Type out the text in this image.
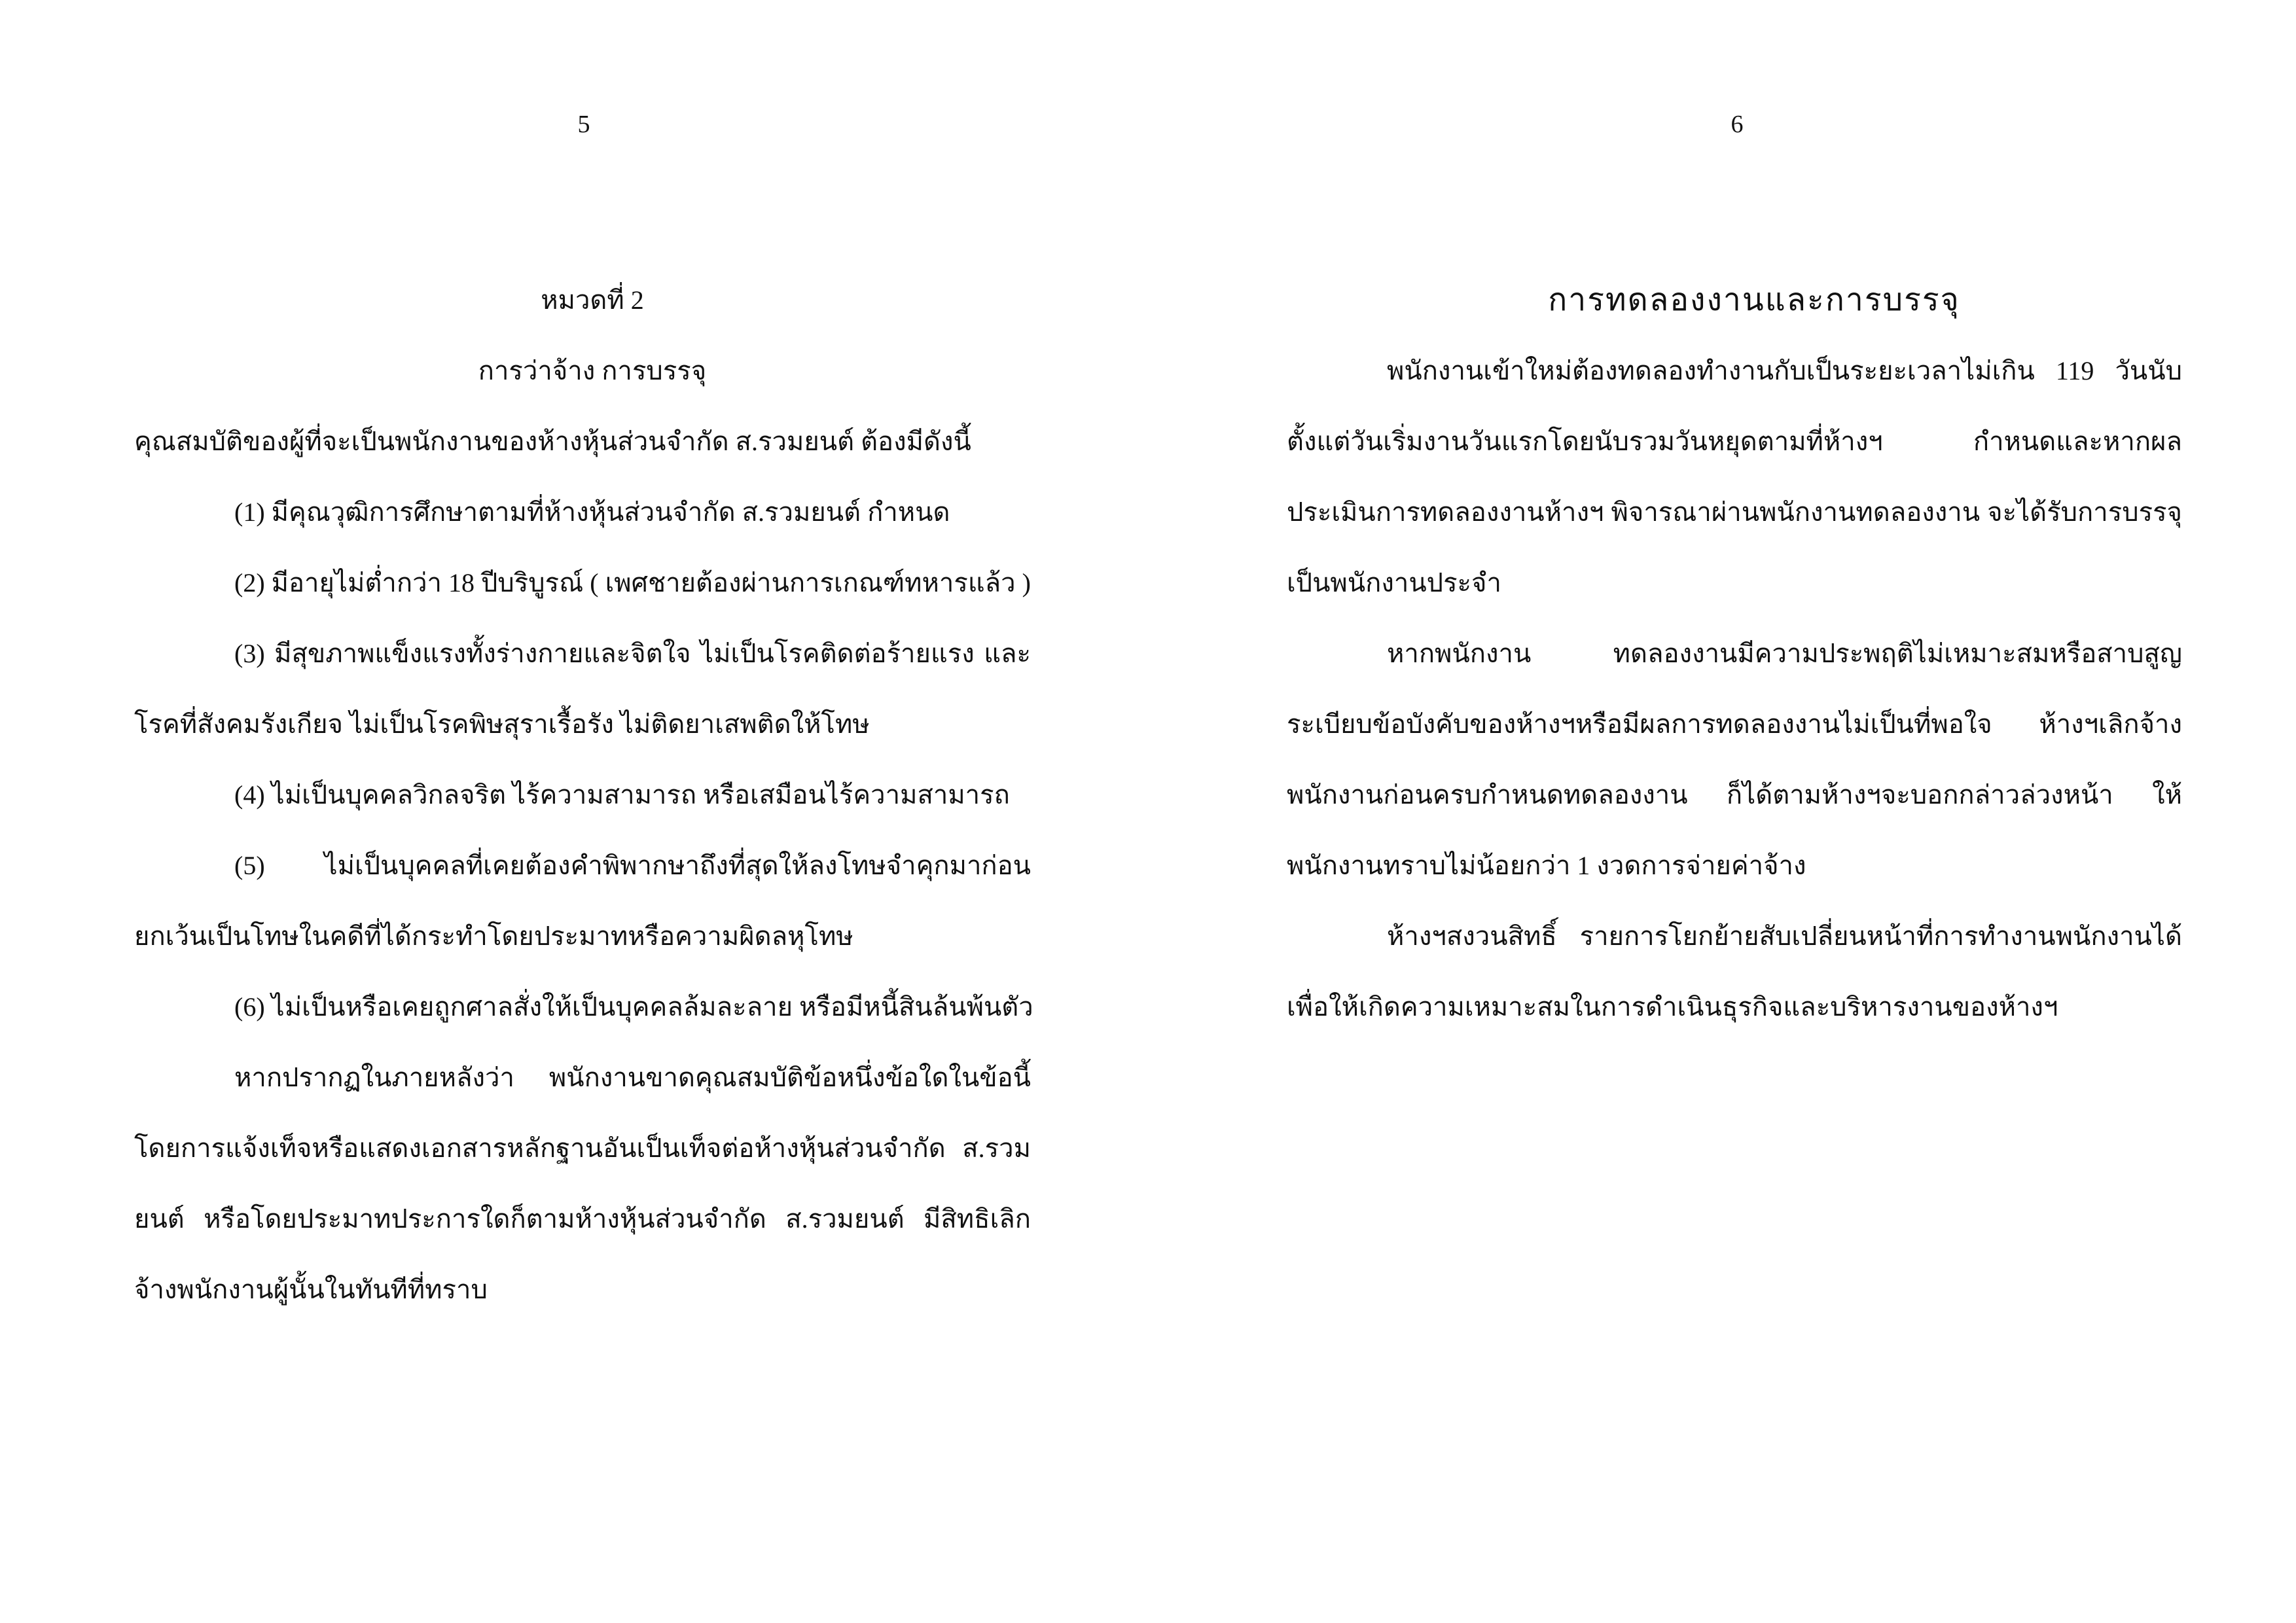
5
หมวดที่ 2
การว่าจ้าง การบรรจุ

คุณสมบัติของผู้ที่จะเป็นพนักงานของห้างหุ้นส่วนจำกัด ส.รวมยนต์ ต้องมีดังนี้

(1) มีคุณวุฒิการศึกษาตามที่ห้างหุ้นส่วนจำกัด ส.รวมยนต์ กำหนด

(2) มีอายุไม่ต่ำกว่า 18 ปีบริบูรณ์ ( เพศชายต้องผ่านการเกณฑ์ทหารแล้ว )

(3) มีสุขภาพแข็งแรงทั้งร่างกายและจิตใจ ไม่เป็นโรคติดต่อร้ายแรง และโรคที่สังคมรังเกียจ ไม่เป็นโรคพิษสุราเรื้อรัง ไม่ติดยาเสพติดให้โทษ

(4) ไม่เป็นบุคคลวิกลจริต ไร้ความสามารถ หรือเสมือนไร้ความสามารถ

(5) ไม่เป็นบุคคลที่เคยต้องคำพิพากษาถึงที่สุดให้ลงโทษจำคุกมาก่อน ยกเว้นเป็นโทษในคดีที่ได้กระทำโดยประมาทหรือความผิดลหุโทษ

(6) ไม่เป็นหรือเคยถูกศาลสั่งให้เป็นบุคคลล้มละลาย หรือมีหนี้สินล้นพ้นตัว

หากปรากฏในภายหลังว่า พนักงานขาดคุณสมบัติข้อหนึ่งข้อใดในข้อนี้ โดยการแจ้งเท็จหรือแสดงเอกสารหลักฐานอันเป็นเท็จต่อห้างหุ้นส่วนจำกัด ส.รวมยนต์ หรือโดยประมาทประการใดก็ตามห้างหุ้นส่วนจำกัด ส.รวมยนต์ มีสิทธิเลิกจ้างพนักงานผู้นั้นในทันทีที่ทราบ

6
การทดลองงานและการบรรจุ

พนักงานเข้าใหม่ต้องทดลองทำงานกับเป็นระยะเวลาไม่เกิน 119 วันนับตั้งแต่วันเริ่มงานวันแรกโดยนับรวมวันหยุดตามที่ห้างฯ กำหนดและหากผลประเมินการทดลองงานห้างฯ พิจารณาผ่านพนักงานทดลองงาน จะได้รับการบรรจุเป็นพนักงานประจำ

หากพนักงาน ทดลองงานมีความประพฤติไม่เหมาะสมหรือสาบสูญระเบียบข้อบังคับของห้างฯหรือมีผลการทดลองงานไม่เป็นที่พอใจ ห้างฯเลิกจ้างพนักงานก่อนครบกำหนดทดลองงาน ก็ได้ตามห้างฯจะบอกกล่าวล่วงหน้า ให้พนักงานทราบไม่น้อยกว่า 1 งวดการจ่ายค่าจ้าง

ห้างฯสงวนสิทธิ์ รายการโยกย้ายสับเปลี่ยนหน้าที่การทำงานพนักงานได้เพื่อให้เกิดความเหมาะสมในการดำเนินธุรกิจและบริหารงานของห้างฯ
